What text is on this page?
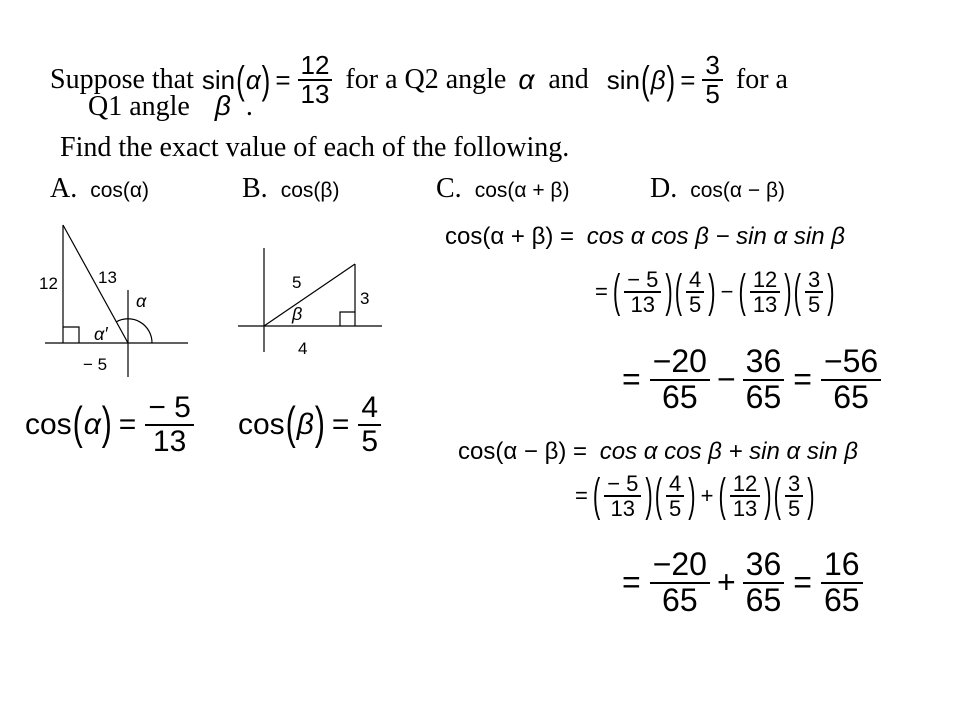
Suppose that sin ( α ) = $\frac{12}{13}$ for a Q2 angle α and sin ( β ) = $\frac{3}{5}$ for a
Q1 angle β .
Find the exact value of each of the following.
A. cos(α)	B. cos(β)	C. cos(α + β)	D. cos(α − β)
12 13
− 5
α
α′
5
3
4
β
cos ( α ) = $\frac{- 5}{13}$ cos ( β ) = $\frac{4}{5}$
cos(α + β) = cos α cos β − sin α sin β
= ( $\frac{- 5}{13}$ ) ( $\frac{4}{5}$ ) − ( $\frac{12}{13}$ ) ( $\frac{3}{5}$ )
= $\frac{-20}{65} - \frac{36}{65} = \frac{-56}{65}$
cos(α − β) = cos α cos β + sin α sin β
= ( $\frac{- 5}{13}$ ) ( $\frac{4}{5}$ ) + ( $\frac{12}{13}$ ) ( $\frac{3}{5}$ )
= $\frac{-20}{65} + \frac{36}{65} = \frac{16}{65}$
